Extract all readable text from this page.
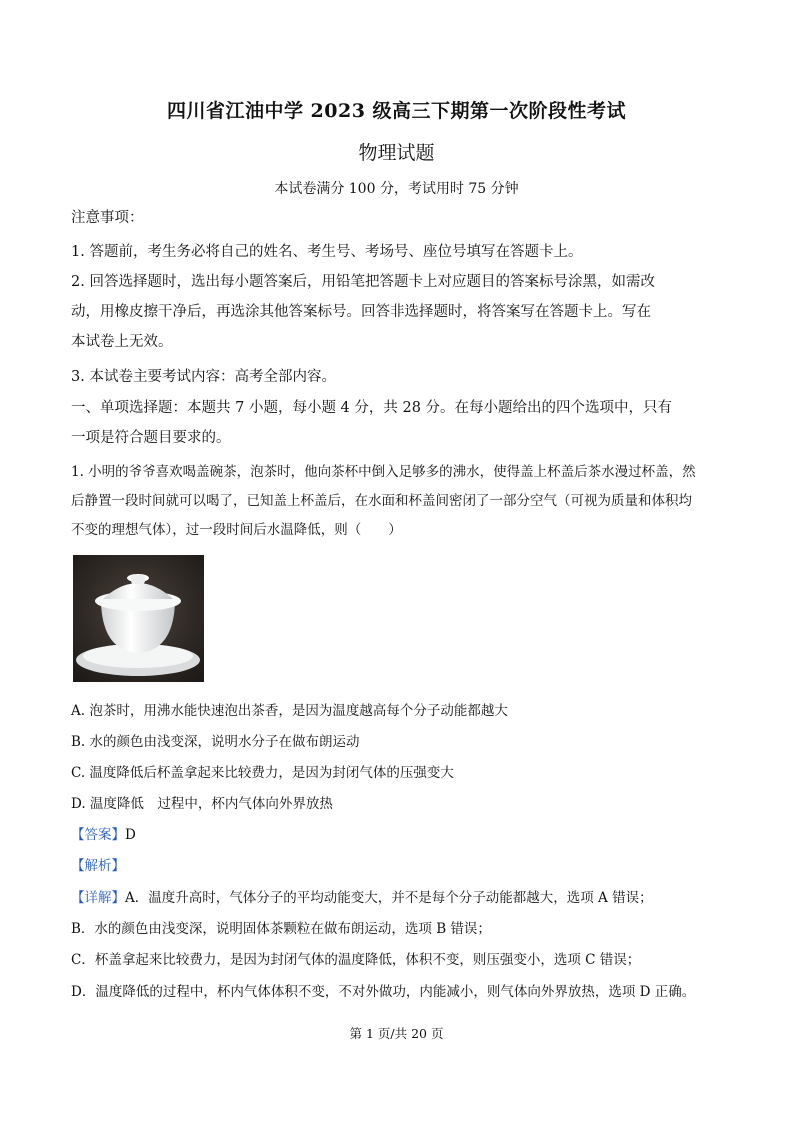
四川省江油中学 2023 级高三下期第一次阶段性考试
物理试题
本试卷满分 100 分，考试用时 75 分钟
注意事项：
1. 答题前，考生务必将自己的姓名、考生号、考场号、座位号填写在答题卡上。
2. 回答选择题时，选出每小题答案后，用铅笔把答题卡上对应题目的答案标号涂黑，如需改
动，用橡皮擦干净后，再选涂其他答案标号。回答非选择题时，将答案写在答题卡上。写在
本试卷上无效。
3. 本试卷主要考试内容：高考全部内容。
一、单项选择题：本题共 7 小题，每小题 4 分，共 28 分。在每小题给出的四个选项中，只有
一项是符合题目要求的。
1. 小明的爷爷喜欢喝盖碗茶，泡茶时，他向茶杯中倒入足够多的沸水，使得盖上杯盖后茶水漫过杯盖，然
后静置一段时间就可以喝了，已知盖上杯盖后，在水面和杯盖间密闭了一部分空气（可视为质量和体积均
不变的理想气体），过一段时间后水温降低，则（　　）
A. 泡茶时，用沸水能快速泡出茶香，是因为温度越高每个分子动能都越大
B. 水的颜色由浅变深，说明水分子在做布朗运动
C. 温度降低后杯盖拿起来比较费力，是因为封闭气体的压强变大
D. 温度降低　过程中，杯内气体向外界放热
【答案】D
【解析】
【详解】A．温度升高时，气体分子的平均动能变大，并不是每个分子动能都越大，选项 A 错误；
B．水的颜色由浅变深，说明固体茶颗粒在做布朗运动，选项 B 错误；
C．杯盖拿起来比较费力，是因为封闭气体的温度降低，体积不变，则压强变小，选项 C 错误；
D．温度降低的过程中，杯内气体体积不变，不对外做功，内能减小，则气体向外界放热，选项 D 正确。
第 1 页/共 20 页
